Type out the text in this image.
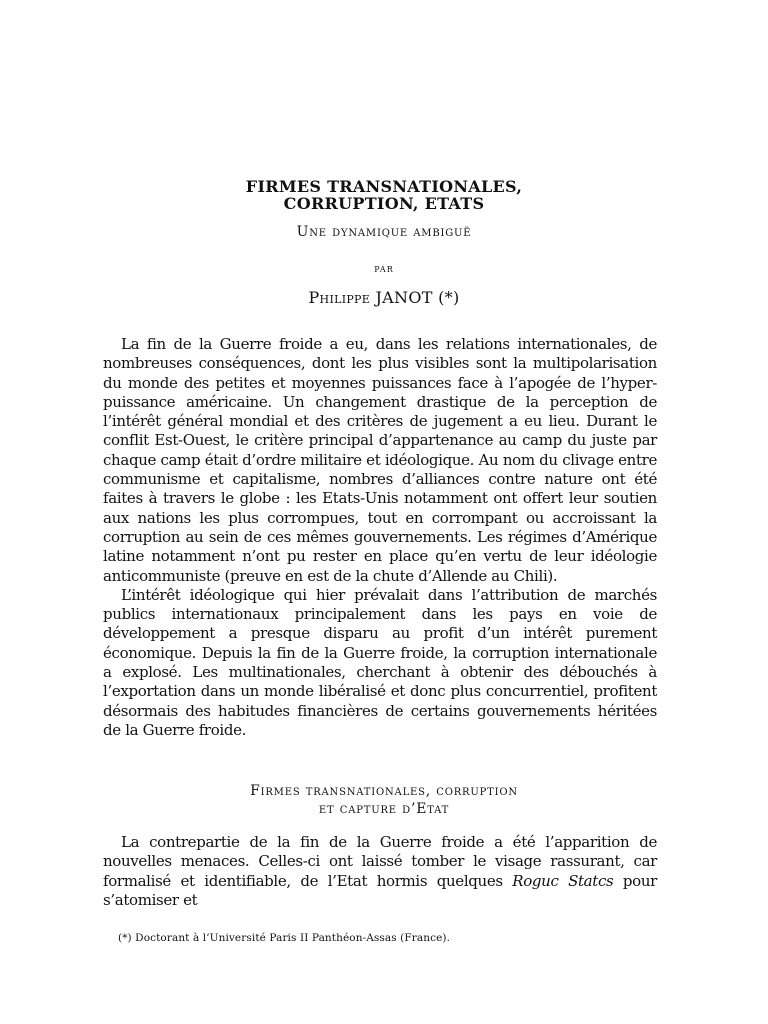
FIRMES TRANSNATIONALES,
CORRUPTION, ETATS
Une dynamique ambiguë
par
Philippe JANOT (*)

La fin de la Guerre froide a eu, dans les relations internationales, de nombreuses conséquences, dont les plus visibles sont la multipolarisation du monde des petites et moyennes puissances face à l’apogée de l’hyper-puissance américaine. Un changement drastique de la perception de l’intérêt général mondial et des critères de jugement a eu lieu. Durant le conflit Est-Ouest, le critère principal d’appartenance au camp du juste par chaque camp était d’ordre militaire et idéologique. Au nom du clivage entre communisme et capitalisme, nombres d’alliances contre nature ont été faites à travers le globe : les Etats-Unis notamment ont offert leur soutien aux nations les plus corrompues, tout en corrompant ou accroissant la corruption au sein de ces mêmes gouvernements. Les régimes d’Amérique latine notamment n’ont pu rester en place qu’en vertu de leur idéologie anticommuniste (preuve en est de la chute d’Allende au Chili).

L’intérêt idéologique qui hier prévalait dans l’attribution de marchés publics internationaux principalement dans les pays en voie de développement a presque disparu au profit d’un intérêt purement économique. Depuis la fin de la Guerre froide, la corruption internationale a explosé. Les multinationales, cherchant à obtenir des débouchés à l’exportation dans un monde libéralisé et donc plus concurrentiel, profitent désormais des habitudes financières de certains gouvernements héritées de la Guerre froide.

Firmes transnationales, corruption
et capture d’Etat

La contrepartie de la fin de la Guerre froide a été l’apparition de nouvelles menaces. Celles-ci ont laissé tomber le visage rassurant, car formalisé et identifiable, de l’Etat hormis quelques Roguc Statcs pour s’atomiser et

(*) Doctorant à l’Université Paris II Panthéon-Assas (France).
